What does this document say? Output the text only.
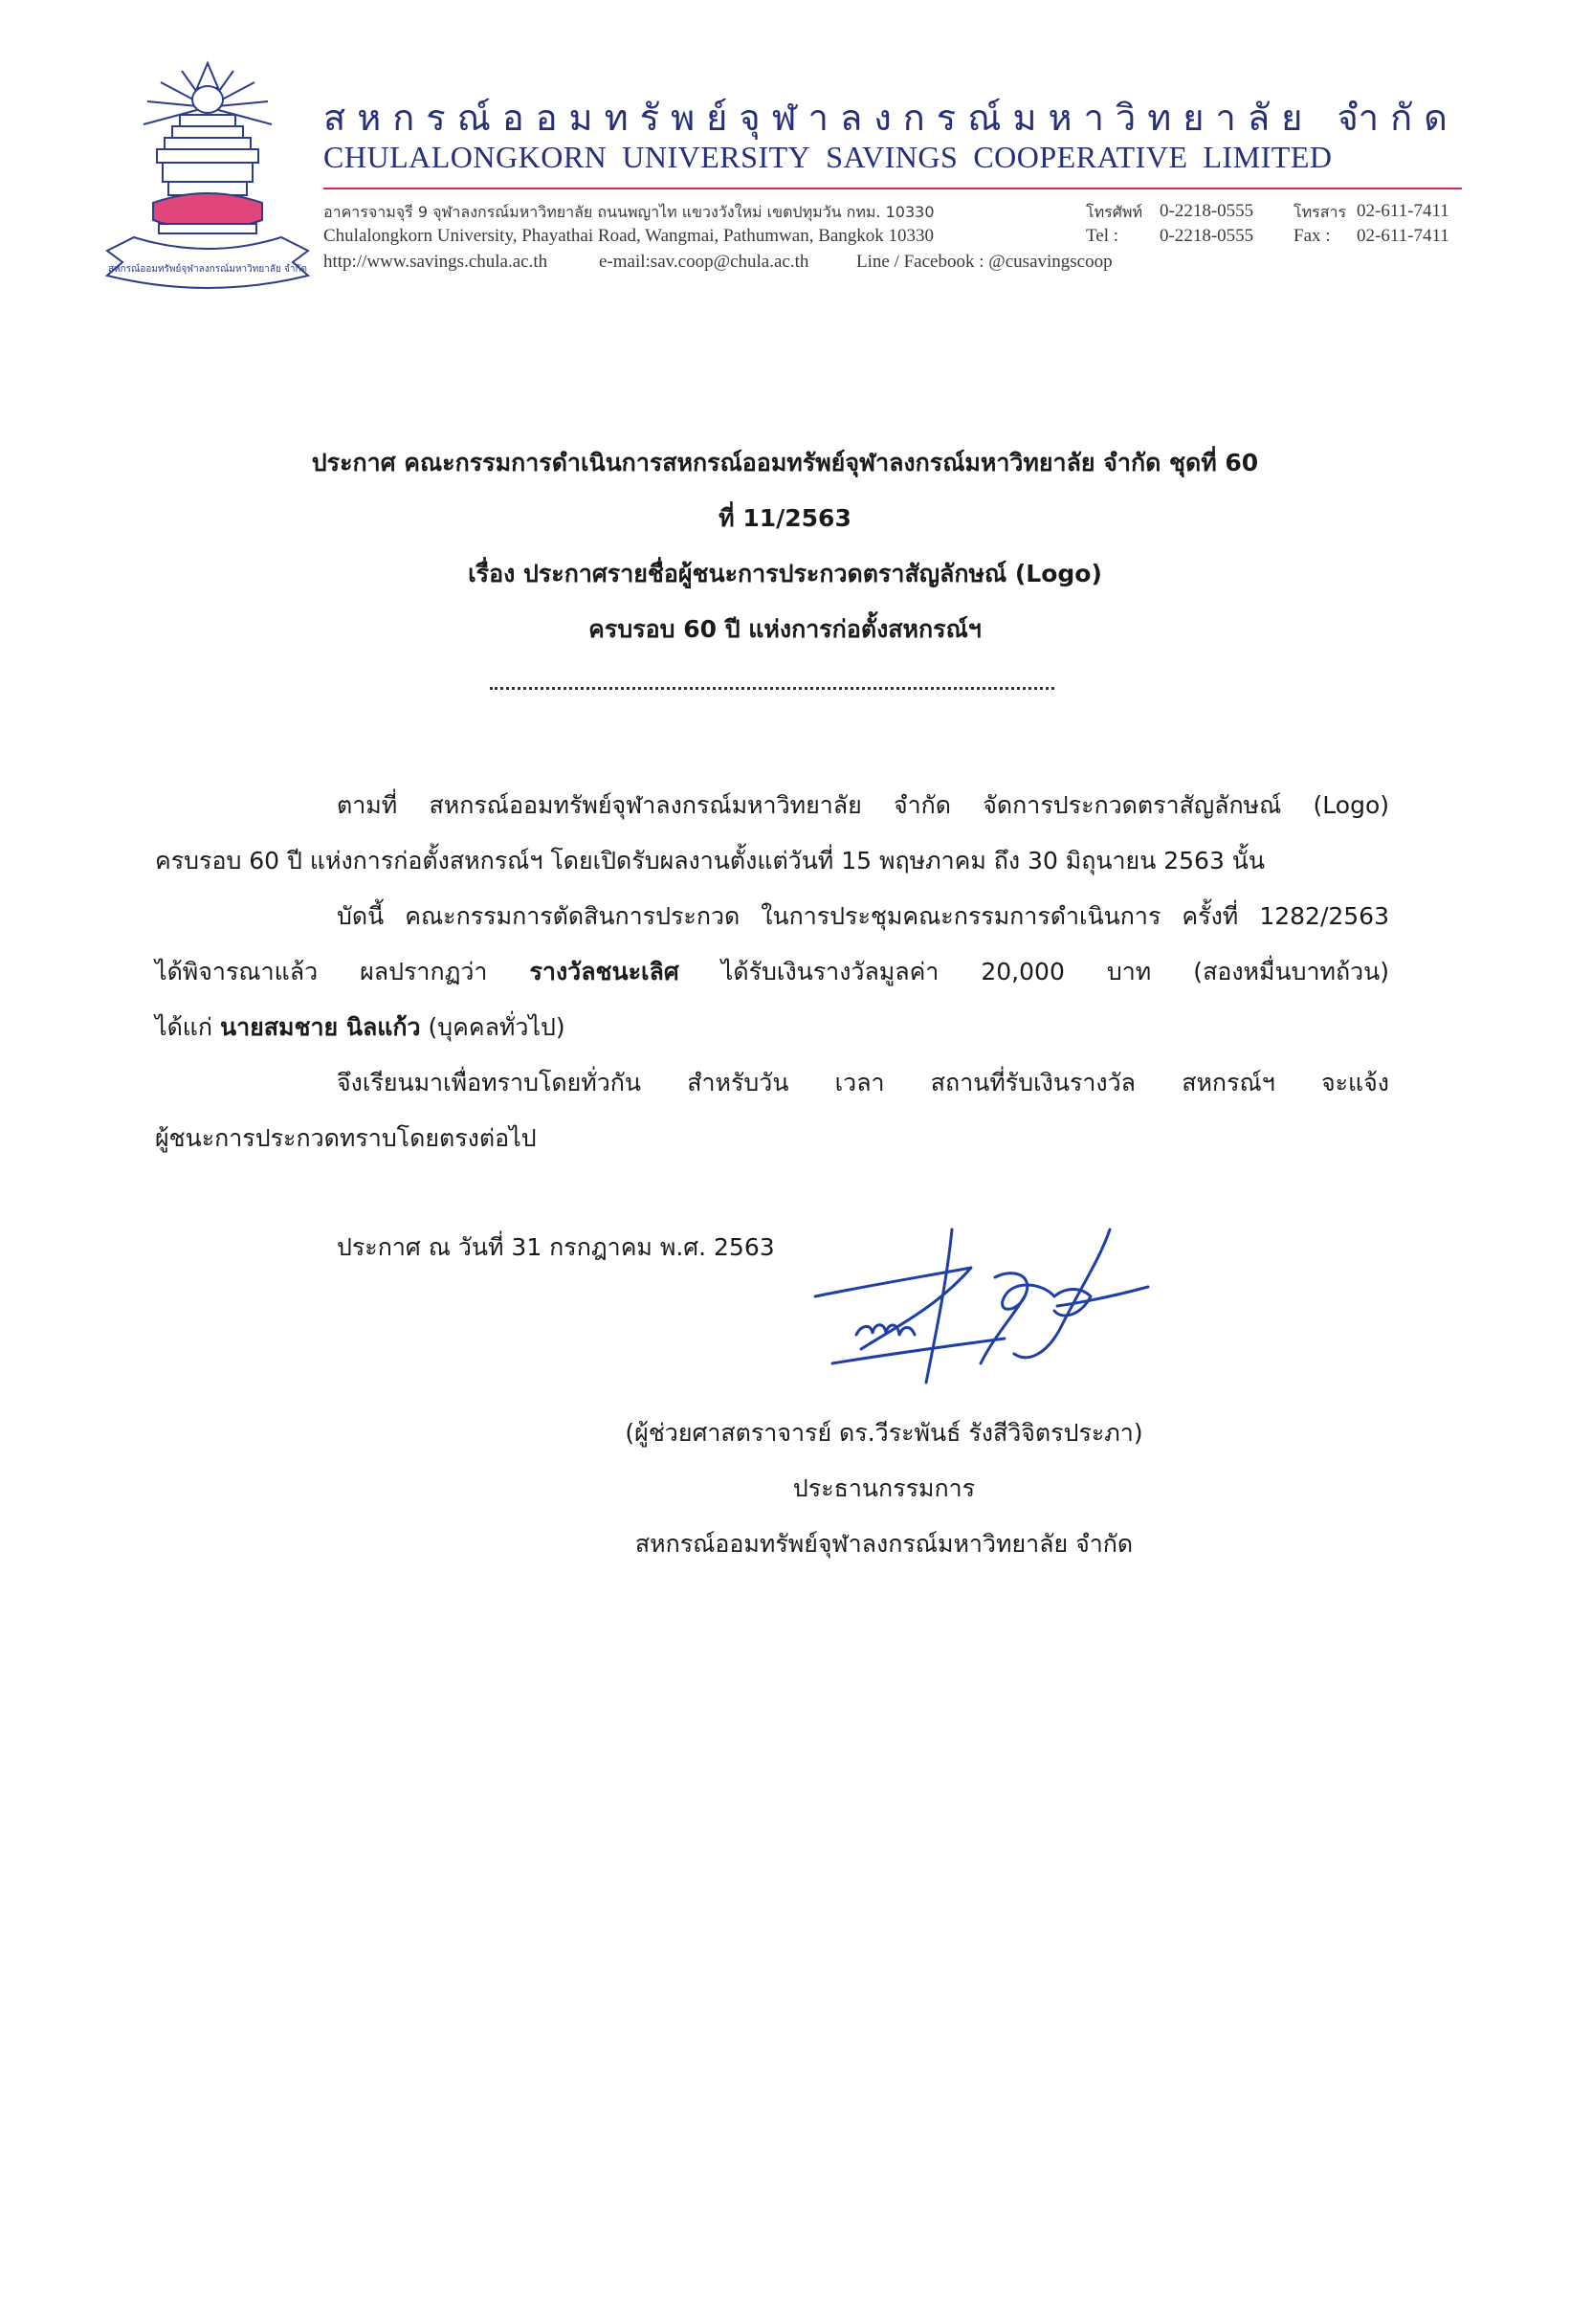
สหกรณ์ออมทรัพย์จุฬาลงกรณ์มหาวิทยาลัย จำกัด
สหกรณ์ออมทรัพย์จุฬาลงกรณ์มหาวิทยาลัย จำกัด
CHULALONGKORN UNIVERSITY SAVINGS COOPERATIVE LIMITED
อาคารจามจุรี 9 จุฬาลงกรณ์มหาวิทยาลัย ถนนพญาไท แขวงวังใหม่ เขตปทุมวัน กทม. 10330
Chulalongkorn University, Phayathai Road, Wangmai, Pathumwan, Bangkok 10330
http://www.savings.chula.ac.th	e-mail:sav.coop@chula.ac.th	Line / Facebook : @cusavingscoop
โทรศัพท์ 0-2218-0555	โทรสาร 02-611-7411
Tel : 0-2218-0555 Fax : 02-611-7411
ประกาศ คณะกรรมการดำเนินการสหกรณ์ออมทรัพย์จุฬาลงกรณ์มหาวิทยาลัย จำกัด ชุดที่ 60
ที่ 11/2563
เรื่อง ประกาศรายชื่อผู้ชนะการประกวดตราสัญลักษณ์ (Logo)
ครบรอบ 60 ปี แห่งการก่อตั้งสหกรณ์ฯ
ตามที่ สหกรณ์ออมทรัพย์จุฬาลงกรณ์มหาวิทยาลัย จำกัด จัดการประกวดตราสัญลักษณ์ (Logo)
ครบรอบ 60 ปี แห่งการก่อตั้งสหกรณ์ฯ โดยเปิดรับผลงานตั้งแต่วันที่ 15 พฤษภาคม ถึง 30 มิถุนายน 2563 นั้น
บัดนี้ คณะกรรมการตัดสินการประกวด ในการประชุมคณะกรรมการดำเนินการ ครั้งที่ 1282/2563
ได้พิจารณาแล้ว ผลปรากฏว่า รางวัลชนะเลิศ ได้รับเงินรางวัลมูลค่า 20,000 บาท (สองหมื่นบาทถ้วน)
ได้แก่ นายสมชาย นิลแก้ว (บุคคลทั่วไป)
จึงเรียนมาเพื่อทราบโดยทั่วกัน สำหรับวัน เวลา สถานที่รับเงินรางวัล สหกรณ์ฯ จะแจ้ง
ผู้ชนะการประกวดทราบโดยตรงต่อไป
ประกาศ ณ วันที่ 31 กรกฎาคม พ.ศ. 2563
(ผู้ช่วยศาสตราจารย์ ดร.วีระพันธ์ รังสีวิจิตรประภา)
ประธานกรรมการ
สหกรณ์ออมทรัพย์จุฬาลงกรณ์มหาวิทยาลัย จำกัด
